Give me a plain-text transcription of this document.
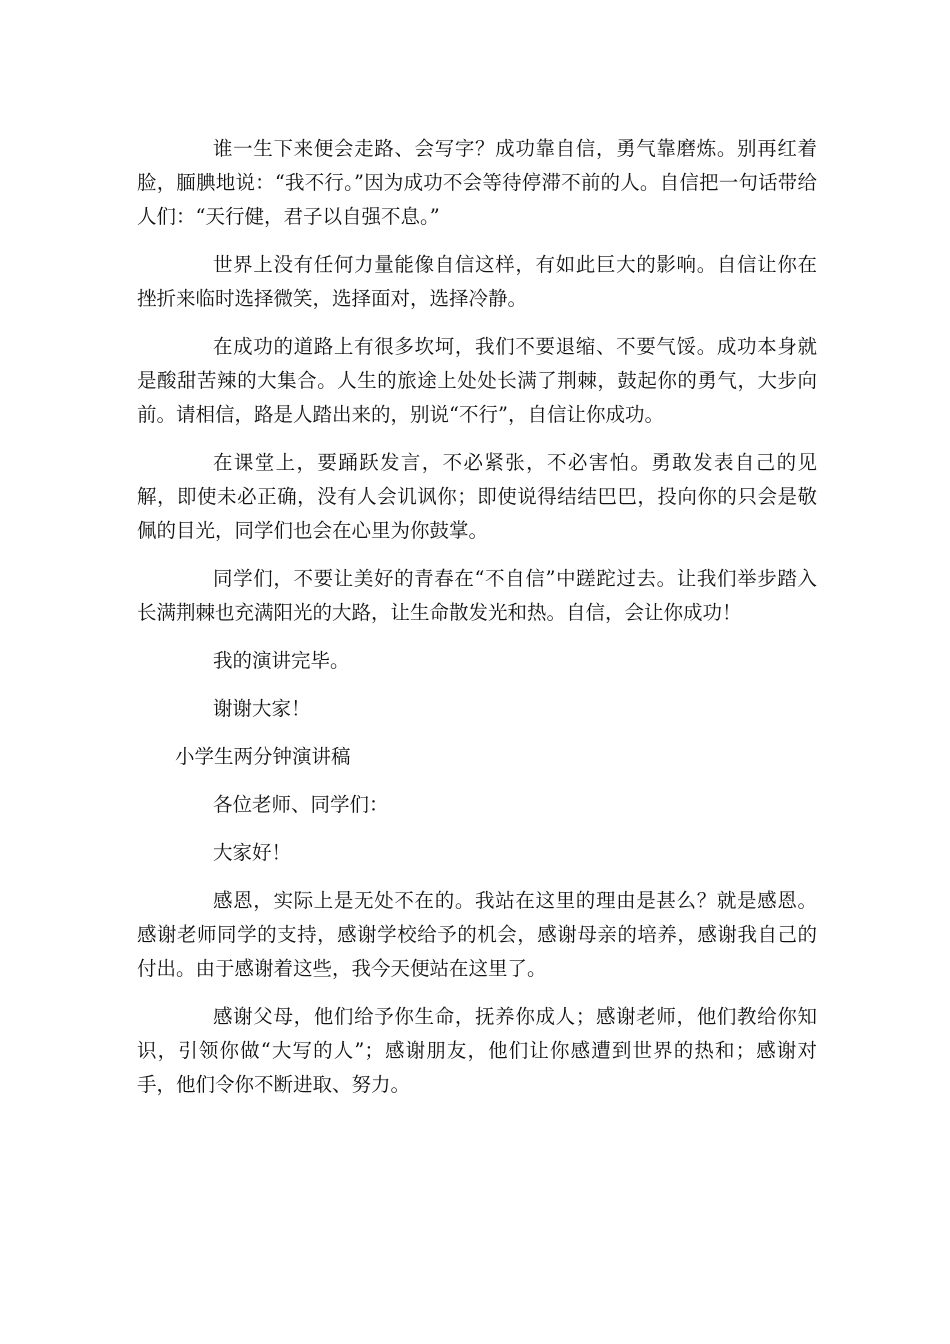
谁一生下来便会走路、会写字？成功靠自信，勇气靠磨炼。别再红着脸，腼腆地说：“我不行。”因为成功不会等待停滞不前的人。自信把一句话带给人们：“天行健，君子以自强不息。”

世界上没有任何力量能像自信这样，有如此巨大的影响。自信让你在挫折来临时选择微笑，选择面对，选择冷静。

在成功的道路上有很多坎坷，我们不要退缩、不要气馁。成功本身就是酸甜苦辣的大集合。人生的旅途上处处长满了荆棘，鼓起你的勇气，大步向前。请相信，路是人踏出来的，别说“不行”，自信让你成功。

在课堂上，要踊跃发言，不必紧张，不必害怕。勇敢发表自己的见解，即使未必正确，没有人会讥讽你；即使说得结结巴巴，投向你的只会是敬佩的目光，同学们也会在心里为你鼓掌。

同学们，不要让美好的青春在“不自信”中蹉跎过去。让我们举步踏入长满荆棘也充满阳光的大路，让生命散发光和热。自信，会让你成功！

我的演讲完毕。

谢谢大家！

小学生两分钟演讲稿

各位老师、同学们：

大家好！

感恩，实际上是无处不在的。我站在这里的理由是甚么？就是感恩。感谢老师同学的支持，感谢学校给予的机会，感谢母亲的培养，感谢我自己的付出。由于感谢着这些，我今天便站在这里了。

感谢父母，他们给予你生命，抚养你成人；感谢老师，他们教给你知识，引领你做“大写的人”；感谢朋友，他们让你感遭到世界的热和；感谢对手，他们令你不断进取、努力。
